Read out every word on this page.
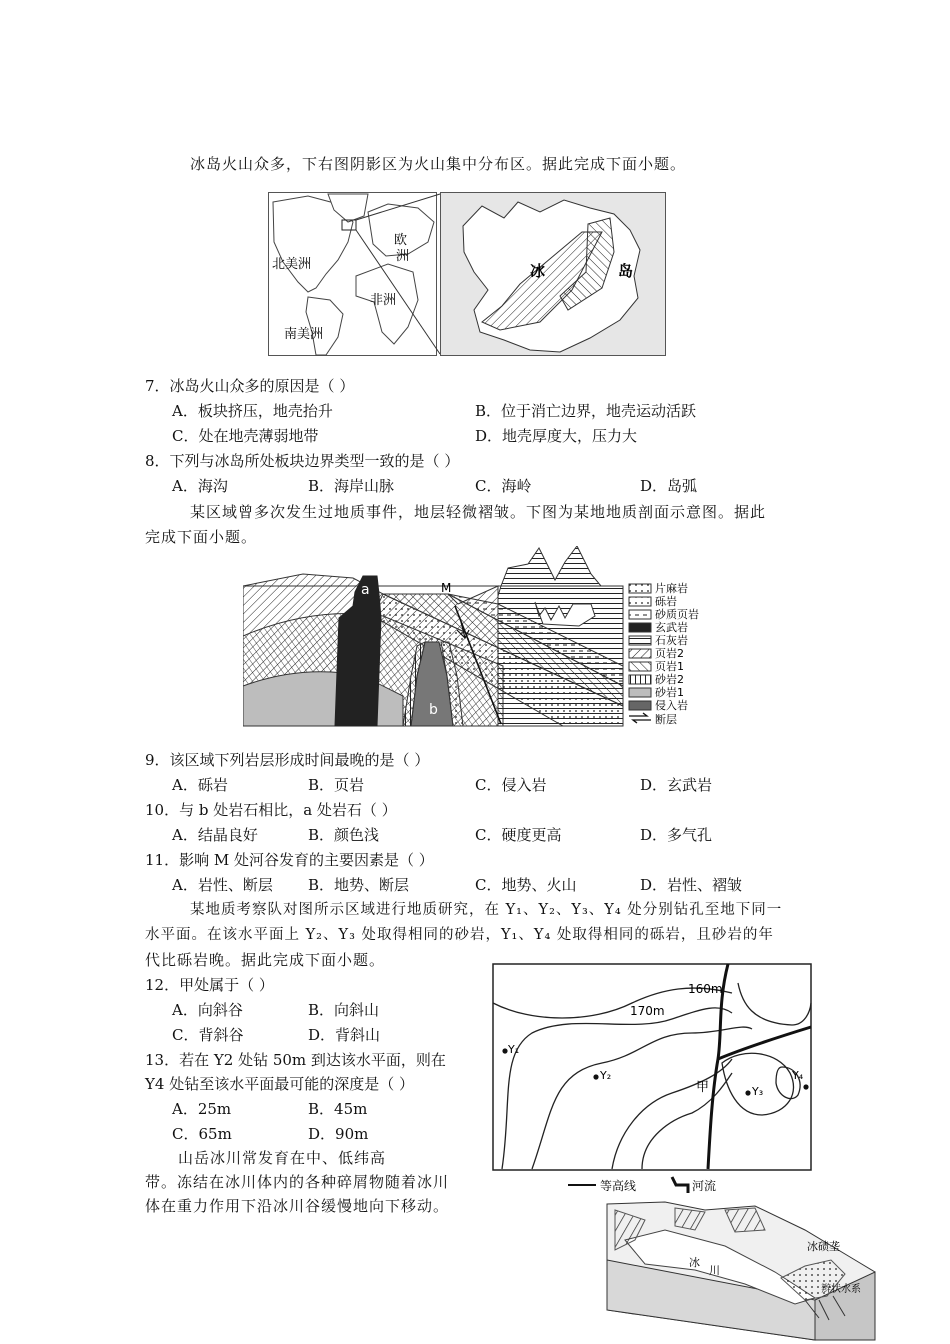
冰岛火山众多，下右图阴影区为火山集中分布区。据此完成下面小题。
北美洲
欧
洲
非洲
南美洲
冰	岛
7．冰岛火山众多的原因是（ ）
A．板块挤压，地壳抬升	B．位于消亡边界，地壳运动活跃
C．处在地壳薄弱地带	D．地壳厚度大，压力大
8．下列与冰岛所处板块边界类型一致的是（ ）
A．海沟	B．海岸山脉	C．海岭	D．岛弧
某区域曾多次发生过地质事件，地层轻微褶皱。下图为某地地质剖面示意图。据此
完成下面小题。
a
b
M	片麻岩
砾岩
砂质页岩
玄武岩
石灰岩
页岩2
页岩1
砂岩2
砂岩1
侵入岩
断层
9．该区域下列岩层形成时间最晚的是（ ）
A．砾岩	B．页岩	C．侵入岩	D．玄武岩
10．与 b 处岩石相比，a 处岩石（ ）
A．结晶良好	B．颜色浅	C．硬度更高	D．多气孔
11．影响 M 处河谷发育的主要因素是（ ）
A．岩性、断层 B．地势、断层	C．地势、火山	D．岩性、褶皱
某地质考察队对图所示区域进行地质研究，在 Y₁、Y₂、Y₃、Y₄ 处分别钻孔至地下同一
水平面。在该水平面上 Y₂、Y₃ 处取得相同的砂岩，Y₁、Y₄ 处取得相同的砾岩，且砂岩的年
代比砾岩晚。据此完成下面小题。
12．甲处属于（ ）
A．向斜谷	B．向斜山
C．背斜谷	D．背斜山
13．若在 Y2 处钻 50m 到达该水平面，则在
Y4 处钻至该水平面最可能的深度是（ ）
A．25m	B．45m
C．65m	D．90m
山岳冰川常发育在中、低纬高
带。冻结在冰川体内的各种碎屑物随着冰川
体在重力作用下沿冰川谷缓慢地向下移动。
160m
170m
Y₁
Y₂
Y₃
Y₄
甲
等高线	河流
冰碛垄
冰
川
辫状水系
